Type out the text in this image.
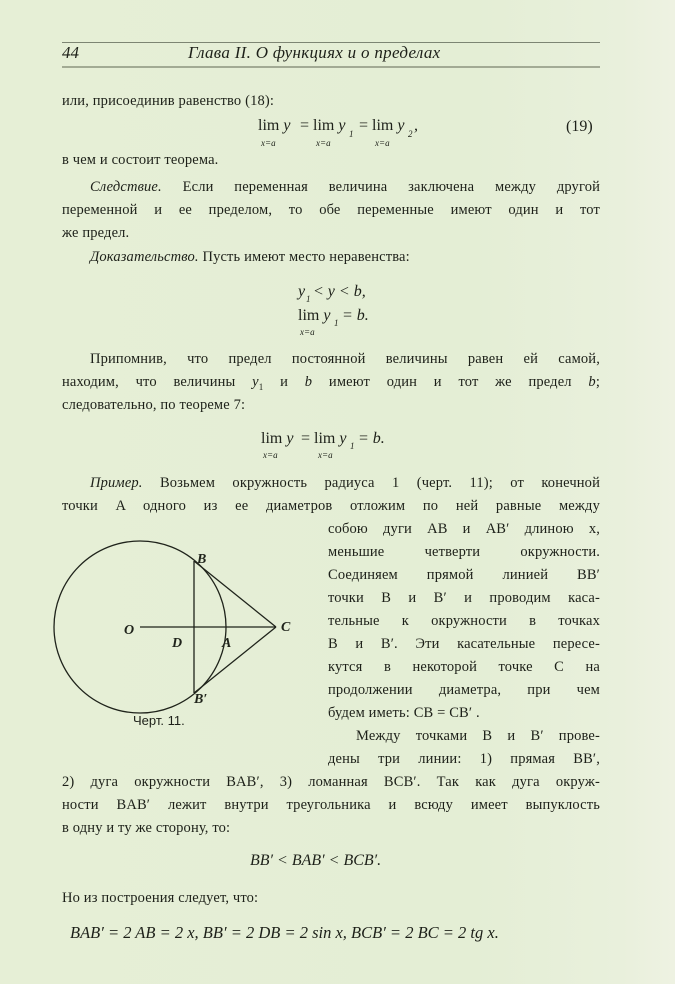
44	Глава II. О функциях и о пределах
или, присоединив равенство (18):
lim y = lim y 1 = lim y 2 ,
x=a	x=a	x=a
(19)
в чем и состоит теорема.
Следствие. Если переменная величина заключена между другой
переменной и ее пределом, то обе переменные имеют один и тот
же предел.
Доказательство. Пусть имеют место неравенства:
y 1 < y < b,
lim y 1 = b.
x=a
Припомнив, что предел постоянной величины равен ей самой,
находим, что величины $y_1$ и b имеют один и тот же предел b;
следовательно, по теореме 7:
lim y = lim y 1 = b.
x=a	x=a
Пример. Возьмем окружность радиуса 1 (черт. 11); от конечной
точки A одного из ее диаметров отложим по ней равные между
собою дуги AB и AB′ длиною x,
меньшие четверти окружности.
Соединяем прямой линией BB′
точки B и B′ и проводим каса-
тельные к окружности в точках
B и B′. Эти касательные пересе-
кутся в некоторой точке C на
продолжении диаметра, при чем
будем иметь: CB = CB′ .
Между точками B и B′ прове-
дены три линии: 1) прямая BB′,
O
D	A
B
B′
C
Черт. 11.
2) дуга окружности BAB′, 3) ломанная BCB′. Так как дуга окруж-
ности BAB′ лежит внутри треугольника и всюду имеет выпуклость
в одну и ту же сторону, то:
BB′ < BAB′ < BCB′.
Но из построения следует, что:
BAB′ = 2 AB = 2 x, BB′ = 2 DB = 2 sin x, BCB′ = 2 BC = 2 tg x.
